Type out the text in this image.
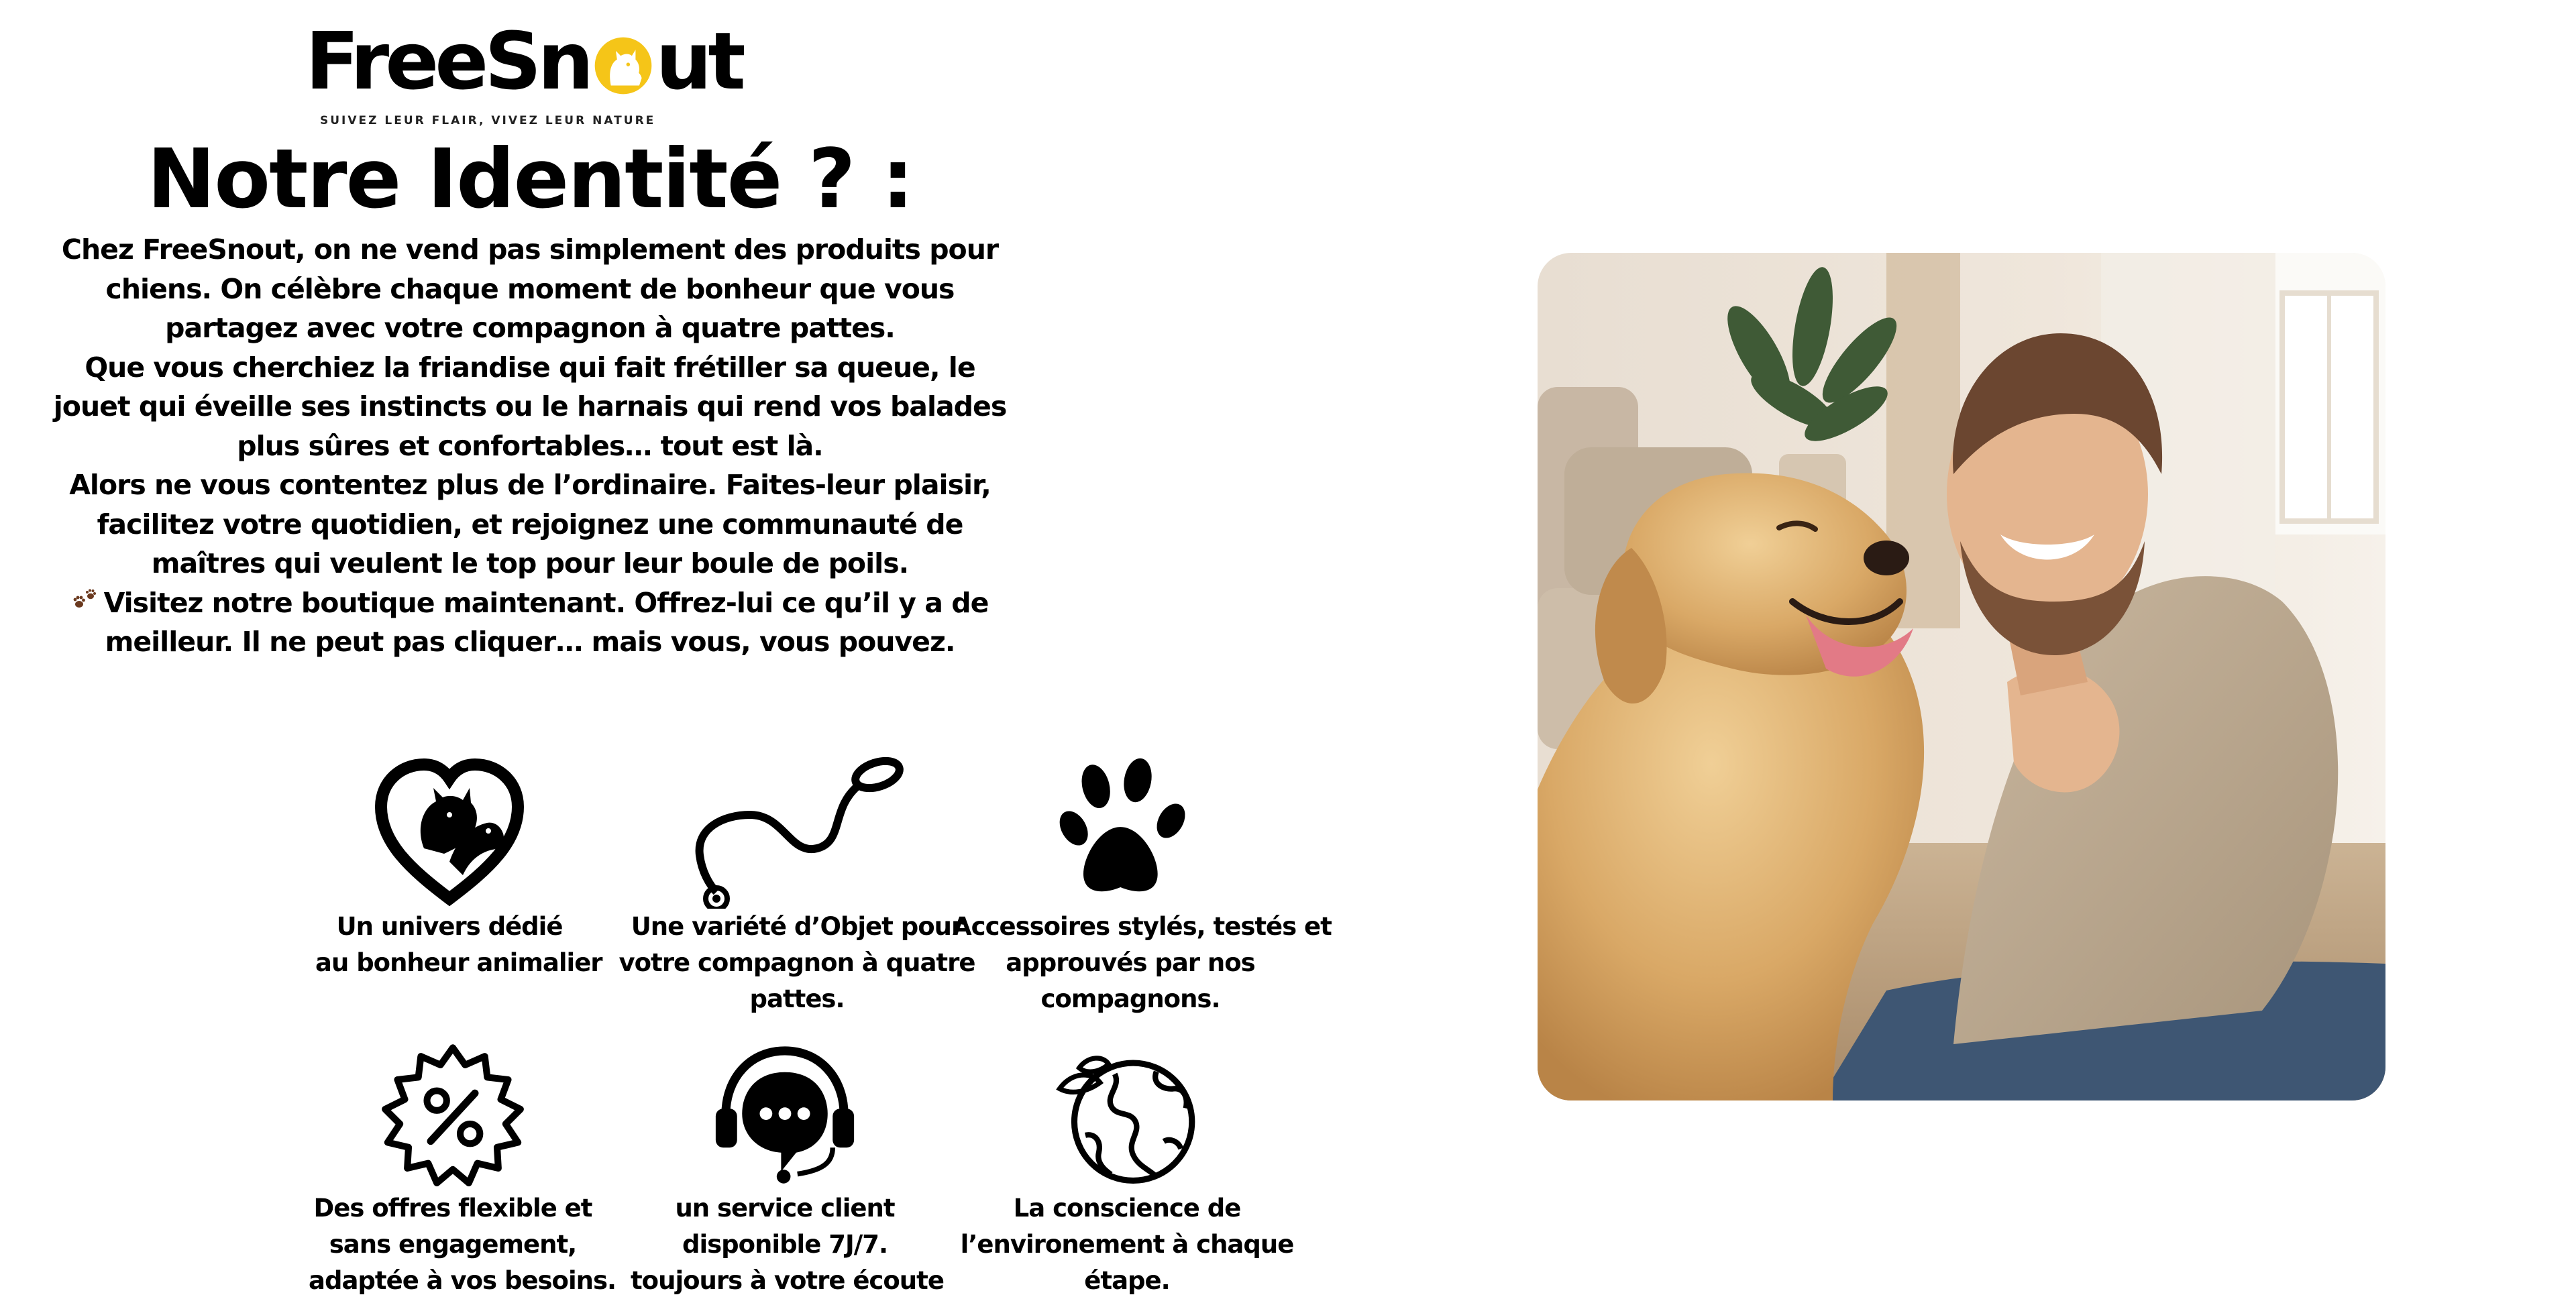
FreeSn ut
SUIVEZ LEUR FLAIR, VIVEZ LEUR NATURE
Notre Identité ? :

Chez FreeSnout, on ne vend pas simplement des produits pour chiens. On célèbre chaque moment de bonheur que vous partagez avec votre compagnon à quatre pattes.

Que vous cherchiez la friandise qui fait frétiller sa queue, le jouet qui éveille ses instincts ou le harnais qui rend vos balades plus sûres et confortables… tout est là.

Alors ne vous contentez plus de l’ordinaire. Faites-leur plaisir, facilitez votre quotidien, et rejoignez une communauté de maîtres qui veulent le top pour leur boule de poils.

Visitez notre boutique maintenant. Offrez-lui ce qu’il y a de meilleur. Il ne peut pas cliquer… mais vous, vous pouvez.

Un univers dédié
au bonheur animalier
Une variété d’Objet pour
votre compagnon à quatre
pattes.
Accessoires stylés, testés et
approuvés par nos
compagnons.
Des offres flexible et
sans engagement,
adaptée à vos besoins.
un service client
disponible 7J/7.
toujours à votre écoute
La conscience de
l’environement à chaque
étape.
